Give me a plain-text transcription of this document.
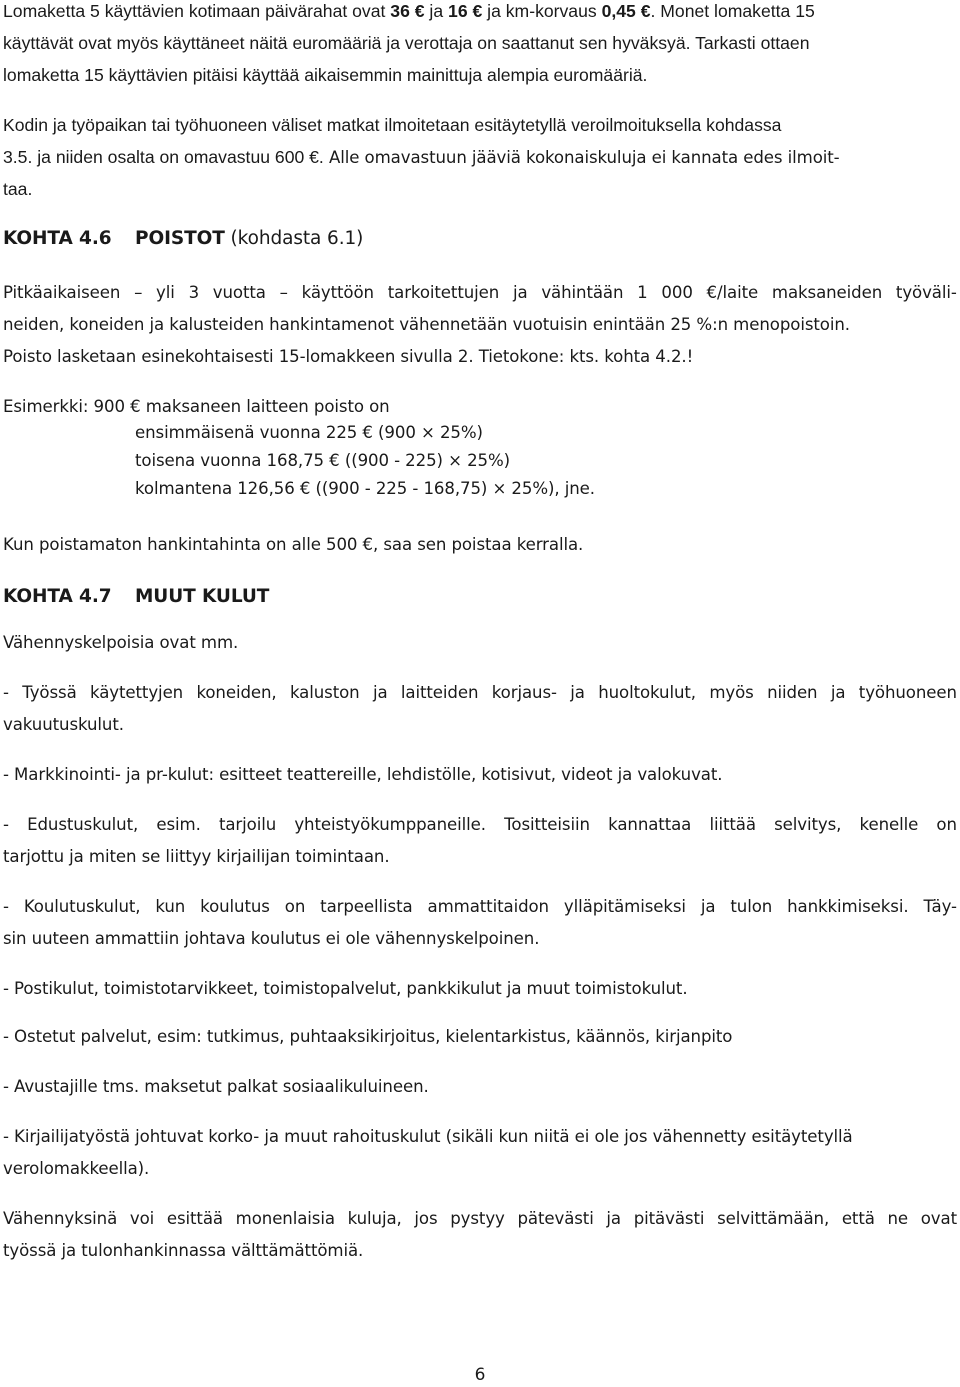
Lomaketta 5 käyttävien kotimaan päivärahat ovat 36 € ja 16 € ja km-korvaus 0,45 €. Monet lomaketta 15
käyttävät ovat myös käyttäneet näitä euromääriä ja verottaja on saattanut sen hyväksyä. Tarkasti ottaen
lomaketta 15 käyttävien pitäisi käyttää aikaisemmin mainittuja alempia euromääriä.
Kodin ja työpaikan tai työhuoneen väliset matkat ilmoitetaan esitäytetyllä veroilmoituksella kohdassa
3.5. ja niiden osalta on omavastuu 600 €. Alle omavastuun jääviä kokonaiskuluja ei kannata edes ilmoit-
taa.
KOHTA 4.6 POISTOT (kohdasta 6.1)
Pitkäaikaiseen – yli 3 vuotta – käyttöön tarkoitettujen ja vähintään 1 000 €/laite maksaneiden työväli-
neiden, koneiden ja kalusteiden hankintamenot vähennetään vuotuisin enintään 25 %:n menopoistoin.
Poisto lasketaan esinekohtaisesti 15-lomakkeen sivulla 2. Tietokone: kts. kohta 4.2.!
Esimerkki: 900 € maksaneen laitteen poisto on
ensimmäisenä vuonna 225 € (900 × 25%)
toisena vuonna 168,75 € ((900 - 225) × 25%)
kolmantena 126,56 € ((900 - 225 - 168,75) × 25%), jne.
Kun poistamaton hankintahinta on alle 500 €, saa sen poistaa kerralla.
KOHTA 4.7 MUUT KULUT
Vähennyskelpoisia ovat mm.
- Työssä käytettyjen koneiden, kaluston ja laitteiden korjaus- ja huoltokulut, myös niiden ja työhuoneen
vakuutuskulut.
- Markkinointi- ja pr-kulut: esitteet teattereille, lehdistölle, kotisivut, videot ja valokuvat.
- Edustuskulut, esim. tarjoilu yhteistyökumppaneille. Tositteisiin kannattaa liittää selvitys, kenelle on
tarjottu ja miten se liittyy kirjailijan toimintaan.
- Koulutuskulut, kun koulutus on tarpeellista ammattitaidon ylläpitämiseksi ja tulon hankkimiseksi. Täy-
sin uuteen ammattiin johtava koulutus ei ole vähennyskelpoinen.
- Postikulut, toimistotarvikkeet, toimistopalvelut, pankkikulut ja muut toimistokulut.
- Ostetut palvelut, esim: tutkimus, puhtaaksikirjoitus, kielentarkistus, käännös, kirjanpito
- Avustajille tms. maksetut palkat sosiaalikuluineen.
- Kirjailijatyöstä johtuvat korko- ja muut rahoituskulut (sikäli kun niitä ei ole jos vähennetty esitäytetyllä
verolomakkeella).
Vähennyksinä voi esittää monenlaisia kuluja, jos pystyy pätevästi ja pitävästi selvittämään, että ne ovat
työssä ja tulonhankinnassa välttämättömiä.
6
